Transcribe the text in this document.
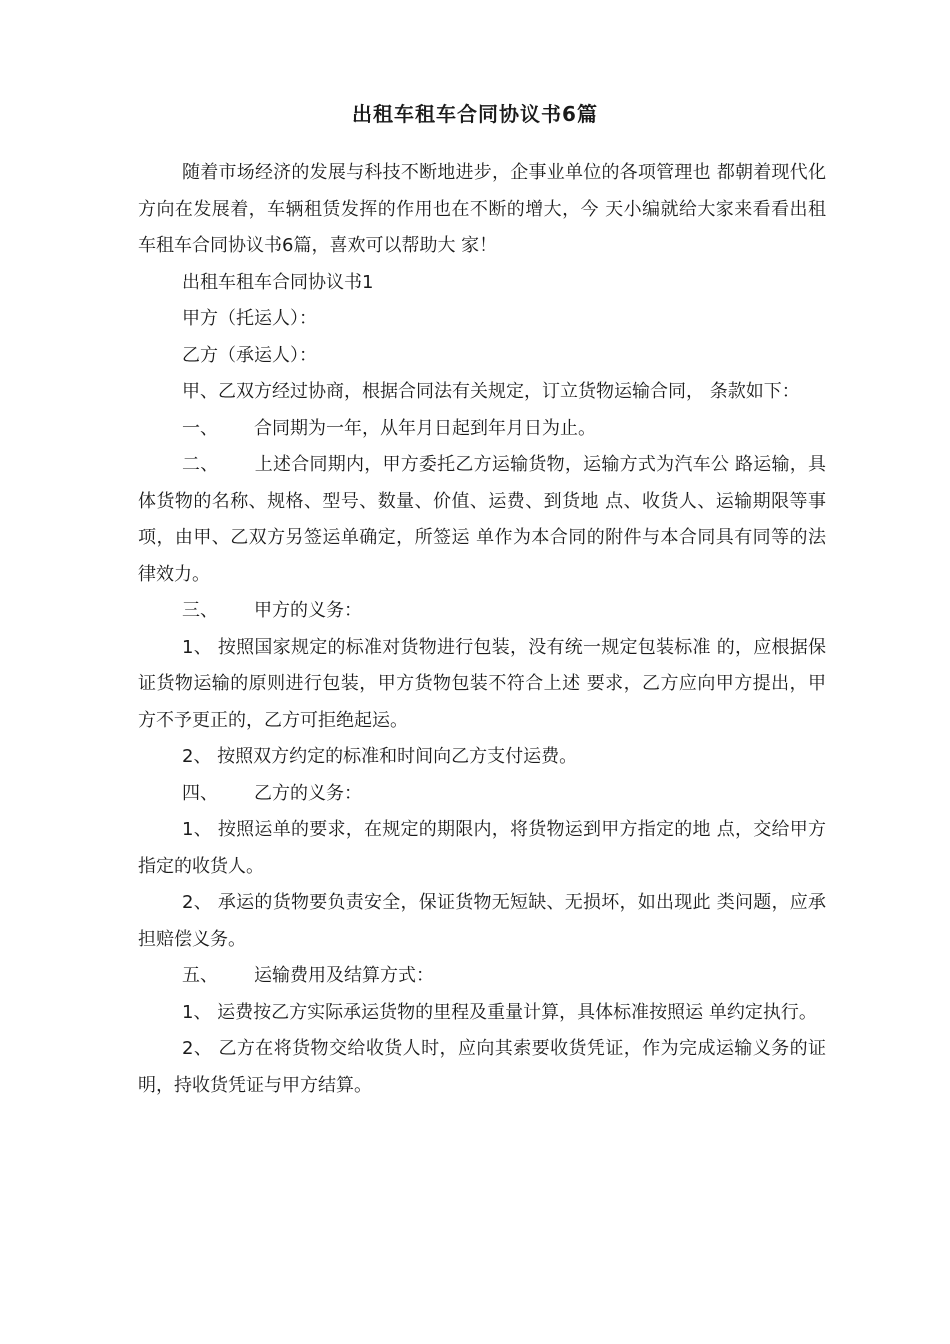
出租车租车合同协议书6篇

随着市场经济的发展与科技不断地进步，企事业单位的各项管理也 都朝着现代化方向在发展着，车辆租赁发挥的作用也在不断的增大，今 天小编就给大家来看看出租车租车合同协议书6篇，喜欢可以帮助大 家！

出租车租车合同协议书1

甲方（托运人）：

乙方（承运人）：

甲、乙双方经过协商，根据合同法有关规定，订立货物运输合同， 条款如下：

一、 合同期为一年，从年月日起到年月日为止。

二、 上述合同期内，甲方委托乙方运输货物，运输方式为汽车公 路运输，具体货物的名称、规格、型号、数量、价值、运费、到货地 点、收货人、运输期限等事项，由甲、乙双方另签运单确定，所签运 单作为本合同的附件与本合同具有同等的法律效力。

三、 甲方的义务：

1、 按照国家规定的标准对货物进行包装，没有统一规定包装标准 的，应根据保证货物运输的原则进行包装，甲方货物包装不符合上述 要求，乙方应向甲方提出，甲方不予更正的，乙方可拒绝起运。

2、 按照双方约定的标准和时间向乙方支付运费。

四、 乙方的义务：

1、 按照运单的要求，在规定的期限内，将货物运到甲方指定的地 点，交给甲方指定的收货人。

2、 承运的货物要负责安全，保证货物无短缺、无损坏，如出现此 类问题，应承担赔偿义务。

五、 运输费用及结算方式：

1、 运费按乙方实际承运货物的里程及重量计算，具体标准按照运 单约定执行。

2、 乙方在将货物交给收货人时，应向其索要收货凭证，作为完成运输义务的证明，持收货凭证与甲方结算。
